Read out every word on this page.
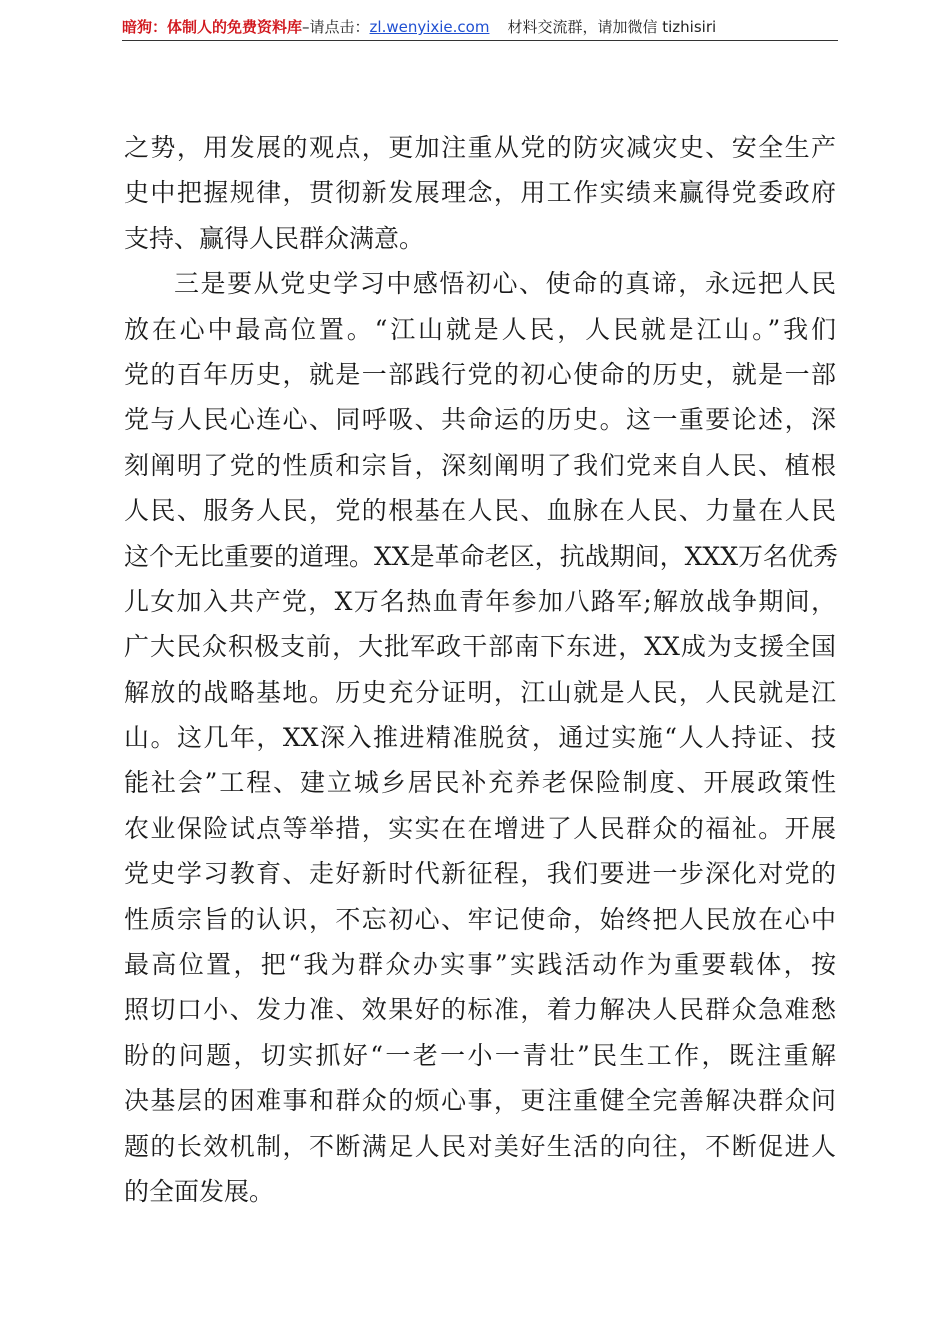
暗狗：体制人的免费资料库–请点击：zl.wenyixie.com 材料交流群，请加微信 tizhisiri
之势，用发展的观点，更加注重从党的防灾减灾史、安全生产
史中把握规律，贯彻新发展理念，用工作实绩来赢得党委政府
支持、赢得人民群众满意。
三是要从党史学习中感悟初心、使命的真谛，永远把人民
放在心中最高位置。“江山就是人民，人民就是江山。”我们
党的百年历史，就是一部践行党的初心使命的历史，就是一部
党与人民心连心、同呼吸、共命运的历史。这一重要论述，深
刻阐明了党的性质和宗旨，深刻阐明了我们党来自人民、植根
人民、服务人民，党的根基在人民、血脉在人民、力量在人民
这个无比重要的道理。XX是革命老区，抗战期间，XXX万名优秀
儿女加入共产党，X万名热血青年参加八路军;解放战争期间，
广大民众积极支前，大批军政干部南下东进，XX成为支援全国
解放的战略基地。历史充分证明，江山就是人民，人民就是江
山。这几年，XX深入推进精准脱贫，通过实施“人人持证、技
能社会”工程、建立城乡居民补充养老保险制度、开展政策性
农业保险试点等举措，实实在在增进了人民群众的福祉。开展
党史学习教育、走好新时代新征程，我们要进一步深化对党的
性质宗旨的认识，不忘初心、牢记使命，始终把人民放在心中
最高位置，把“我为群众办实事”实践活动作为重要载体，按
照切口小、发力准、效果好的标准，着力解决人民群众急难愁
盼的问题，切实抓好“一老一小一青壮”民生工作，既注重解
决基层的困难事和群众的烦心事，更注重健全完善解决群众问
题的长效机制，不断满足人民对美好生活的向往，不断促进人
的全面发展。
